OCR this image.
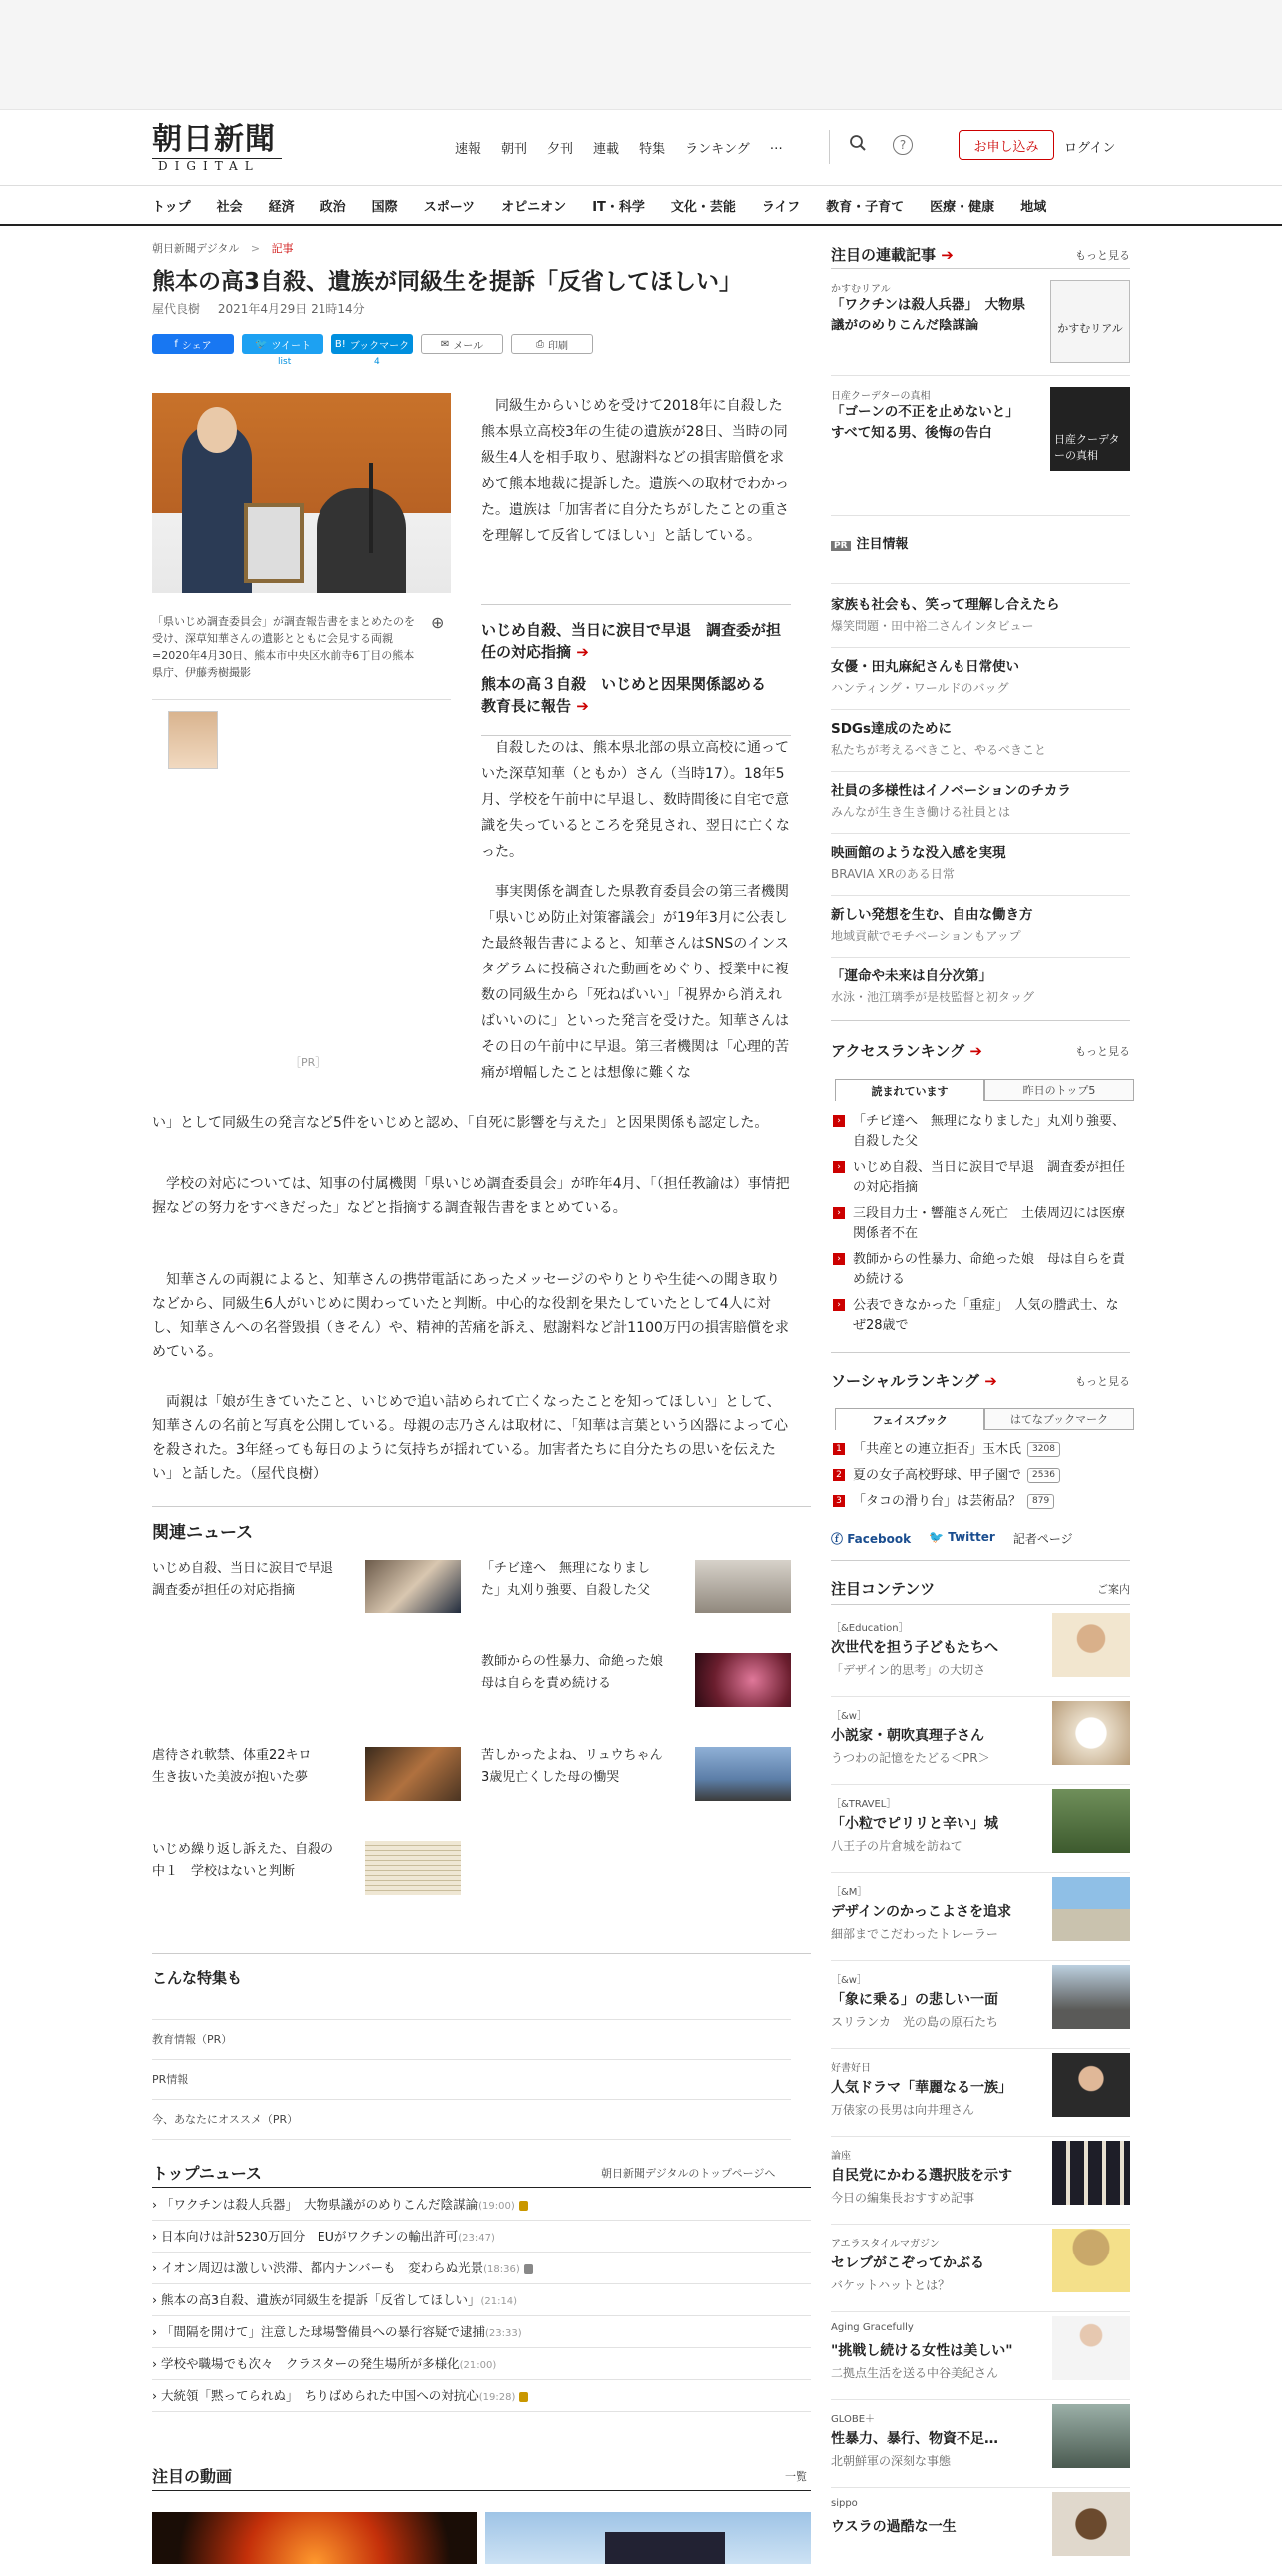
朝日新聞
DIGITAL
速報 朝刊 夕刊 連載 特集 ランキング …	?	お申し込み	ログイン
トップ 社会 経済 政治 国際 スポーツ オピニオン IT・科学 文化・芸能 ライフ 教育・子育て 医療・健康 地域
朝日新聞デジタル > 記事
熊本の高3自殺、遺族が同級生を提訴「反省してほしい」
屋代良樹 2021年4月29日 21時14分
f シェア	🐦 ツイート B! ブックマーク	✉ メール	⎙ 印刷
list	4
「県いじめ調査委員会」が調査報告書をまとめたのを受け、深草知華さんの遺影とともに会見する両親=2020年4月30日、熊本市中央区水前寺6丁目の熊本県庁、伊藤秀樹撮影
⊕
［PR］

　同級生からいじめを受けて2018年に自殺した熊本県立高校3年の生徒の遺族が28日、当時の同級生4人を相手取り、慰謝料などの損害賠償を求めて熊本地裁に提訴した。遺族への取材でわかった。遺族は「加害者に自分たちがしたことの重さを理解して反省してほしい」と話している。

いじめ自殺、当日に涙目で早退　調査委が担任の対応指摘 ➔
熊本の高３自殺　いじめと因果関係認める　教育長に報告 ➔

　自殺したのは、熊本県北部の県立高校に通っていた深草知華（ともか）さん（当時17）。18年5月、学校を午前中に早退し、数時間後に自宅で意識を失っているところを発見され、翌日に亡くなった。

　事実関係を調査した県教育委員会の第三者機関「県いじめ防止対策審議会」が19年3月に公表した最終報告書によると、知華さんはSNSのインスタグラムに投稿された動画をめぐり、授業中に複数の同級生から「死ねばいい」「視界から消えればいいのに」といった発言を受けた。知華さんはその日の午前中に早退。第三者機関は「心理的苦痛が増幅したことは想像に難くな

い」として同級生の発言など5件をいじめと認め、「自死に影響を与えた」と因果関係も認定した。

　学校の対応については、知事の付属機関「県いじめ調査委員会」が昨年4月、「（担任教諭は）事情把握などの努力をすべきだった」などと指摘する調査報告書をまとめている。

　知華さんの両親によると、知華さんの携帯電話にあったメッセージのやりとりや生徒への聞き取りなどから、同級生6人がいじめに関わっていたと判断。中心的な役割を果たしていたとして4人に対し、知華さんへの名誉毀損（きそん）や、精神的苦痛を訴え、慰謝料など計1100万円の損害賠償を求めている。

　両親は「娘が生きていたこと、いじめで追い詰められて亡くなったことを知ってほしい」として、知華さんの名前と写真を公開している。母親の志乃さんは取材に、「知華は言葉という凶器によって心を殺された。3年経っても毎日のように気持ちが揺れている。加害者たちに自分たちの思いを伝えたい」と話した。（屋代良樹）

関連ニュース
いじめ自殺、当日に涙目で早退　調査委が担任の対応指摘
「チビ達へ　無理になりました」丸刈り強要、自殺した父
教師からの性暴力、命絶った娘　母は自らを責め続ける
虐待され軟禁、体重22キロ　生き抜いた美波が抱いた夢
苦しかったよね、リュウちゃん　3歳児亡くした母の慟哭
いじめ繰り返し訴えた、自殺の中１　学校はないと判断
こんな特集も
教育情報（PR）
PR情報
今、あなたにオススメ（PR）
トップニュース	朝日新聞デジタルのトップページへ
› 「ワクチンは殺人兵器」　大物県議がのめりこんだ陰謀論(19:00)
› 日本向けは計5230万回分　EUがワクチンの輸出許可(23:47)
› イオン周辺は激しい渋滞、都内ナンバーも　変わらぬ光景(18:36)
› 熊本の高3自殺、遺族が同級生を提訴「反省してほしい」(21:14)
› 「間隔を開けて」注意した球場警備員への暴行容疑で逮捕(23:33)
› 学校や職場でも次々　クラスターの発生場所が多様化(21:00)
› 大統領「黙ってられぬ」　ちりばめられた中国への対抗心(19:28)
注目の動画	一覧
注目の連載記事 ➔	もっと見る
かすむリアル
「ワクチンは殺人兵器」　大物県議がのめりこんだ陰謀論	かすむリアル
日産クーデターの真相
「ゴーンの不正を止めないと」すべて知る男、後悔の告白	日産クーデターの真相
PR 注目情報
家族も社会も、笑って理解し合えたら
爆笑問題・田中裕二さんインタビュー
女優・田丸麻紀さんも日常使い
ハンティング・ワールドのバッグ
SDGs達成のために
私たちが考えるべきこと、やるべきこと
社員の多様性はイノベーションのチカラ
みんなが生き生き働ける社員とは
映画館のような没入感を実現
BRAVIA XRのある日常
新しい発想を生む、自由な働き方
地域貢献でモチベーションもアップ
「運命や未来は自分次第」
水泳・池江璃季が是枝監督と初タッグ
アクセスランキング ➔	もっと見る
読まれています	昨日のトップ5
› 「チビ達へ　無理になりました」丸刈り強要、自殺した父
› いじめ自殺、当日に涙目で早退　調査委が担任の対応指摘
› 三段目力士・響龍さん死亡　土俵周辺には医療関係者不在
› 教師からの性暴力、命絶った娘　母は自らを責め続ける
› 公表できなかった「重症」　人気の謄武士、なぜ28歳で
ソーシャルランキング ➔	もっと見る
フェイスブック	はてなブックマーク
1 「共産との連立拒否」玉木氏 3208
2 夏の女子高校野球、甲子園で 2536
3 「タコの滑り台」は芸術品？ 879
ⓕ Facebook 🐦 Twitter 記者ページ
注目コンテンツ	ご案内
［&Education］
次世代を担う子どもたちへ
「デザイン的思考」の大切さ
［&w］
小説家・朝吹真理子さん
うつわの記憶をたどる＜PR＞
［&TRAVEL］
「小粒でピリリと辛い」城
八王子の片倉城を訪ねて
［&M］
デザインのかっこよさを追求
細部までこだわったトレーラー
［&w］
「象に乗る」の悲しい一面
スリランカ　光の島の原石たち
好書好日
人気ドラマ「華麗なる一族」
万俵家の長男は向井理さん
論座
自民党にかわる選択肢を示す
今日の編集長おすすめ記事
アエラスタイルマガジン
セレブがこぞってかぶる
バケットハットとは？
Aging Gracefully
"挑戦し続ける女性は美しい"
二拠点生活を送る中谷美紀さん
GLOBE＋
性暴力、暴行、物資不足…
北朝鮮軍の深刻な事態
sippo
ウスラの過酷な一生
